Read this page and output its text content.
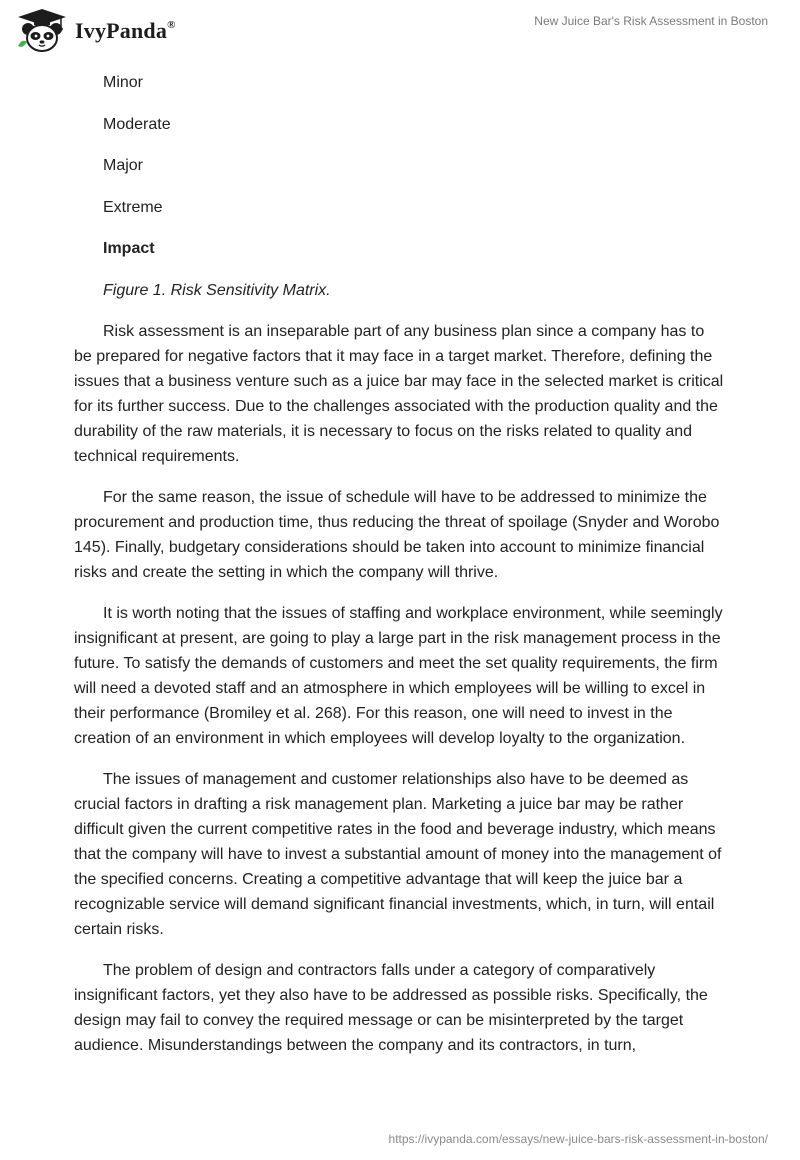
IvyPanda®	New Juice Bar's Risk Assessment in Boston
Minor
Moderate
Major
Extreme
Impact
Figure 1. Risk Sensitivity Matrix.

Risk assessment is an inseparable part of any business plan since a company has to be prepared for negative factors that it may face in a target market. Therefore, defining the issues that a business venture such as a juice bar may face in the selected market is critical for its further success. Due to the challenges associated with the production quality and the durability of the raw materials, it is necessary to focus on the risks related to quality and technical requirements.

For the same reason, the issue of schedule will have to be addressed to minimize the procurement and production time, thus reducing the threat of spoilage (Snyder and Worobo 145). Finally, budgetary considerations should be taken into account to minimize financial risks and create the setting in which the company will thrive.

It is worth noting that the issues of staffing and workplace environment, while seemingly insignificant at present, are going to play a large part in the risk management process in the future. To satisfy the demands of customers and meet the set quality requirements, the firm will need a devoted staff and an atmosphere in which employees will be willing to excel in their performance (Bromiley et al. 268). For this reason, one will need to invest in the creation of an environment in which employees will develop loyalty to the organization.

The issues of management and customer relationships also have to be deemed as crucial factors in drafting a risk management plan. Marketing a juice bar may be rather difficult given the current competitive rates in the food and beverage industry, which means that the company will have to invest a substantial amount of money into the management of the specified concerns. Creating a competitive advantage that will keep the juice bar a recognizable service will demand significant financial investments, which, in turn, will entail certain risks.

The problem of design and contractors falls under a category of comparatively insignificant factors, yet they also have to be addressed as possible risks. Specifically, the design may fail to convey the required message or can be misinterpreted by the target audience. Misunderstandings between the company and its contractors, in turn,

https://ivypanda.com/essays/new-juice-bars-risk-assessment-in-boston/
